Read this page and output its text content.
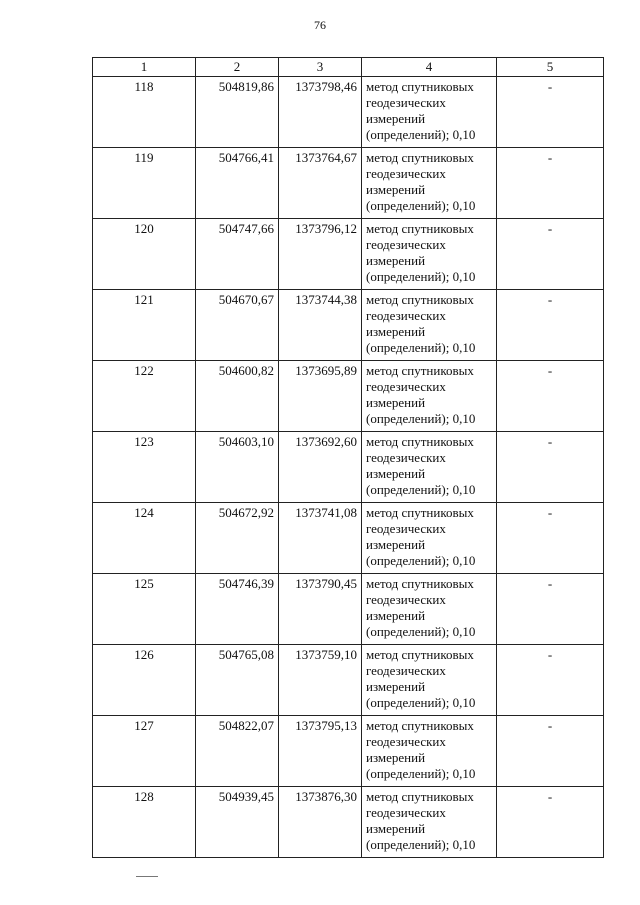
76
1	2	3	4	5
118	504819,86	1373798,46	метод спутниковых
геодезических
измерений
(определений); 0,10	-
119	504766,41	1373764,67	метод спутниковых
геодезических
измерений
(определений); 0,10	-
120	504747,66	1373796,12	метод спутниковых
геодезических
измерений
(определений); 0,10	-
121	504670,67	1373744,38	метод спутниковых
геодезических
измерений
(определений); 0,10	-
122	504600,82	1373695,89	метод спутниковых
геодезических
измерений
(определений); 0,10	-
123	504603,10	1373692,60	метод спутниковых
геодезических
измерений
(определений); 0,10	-
124	504672,92	1373741,08	метод спутниковых
геодезических
измерений
(определений); 0,10	-
125	504746,39	1373790,45	метод спутниковых
геодезических
измерений
(определений); 0,10	-
126	504765,08	1373759,10	метод спутниковых
геодезических
измерений
(определений); 0,10	-
127	504822,07	1373795,13	метод спутниковых
геодезических
измерений
(определений); 0,10	-
128	504939,45	1373876,30	метод спутниковых
геодезических
измерений
(определений); 0,10	-
